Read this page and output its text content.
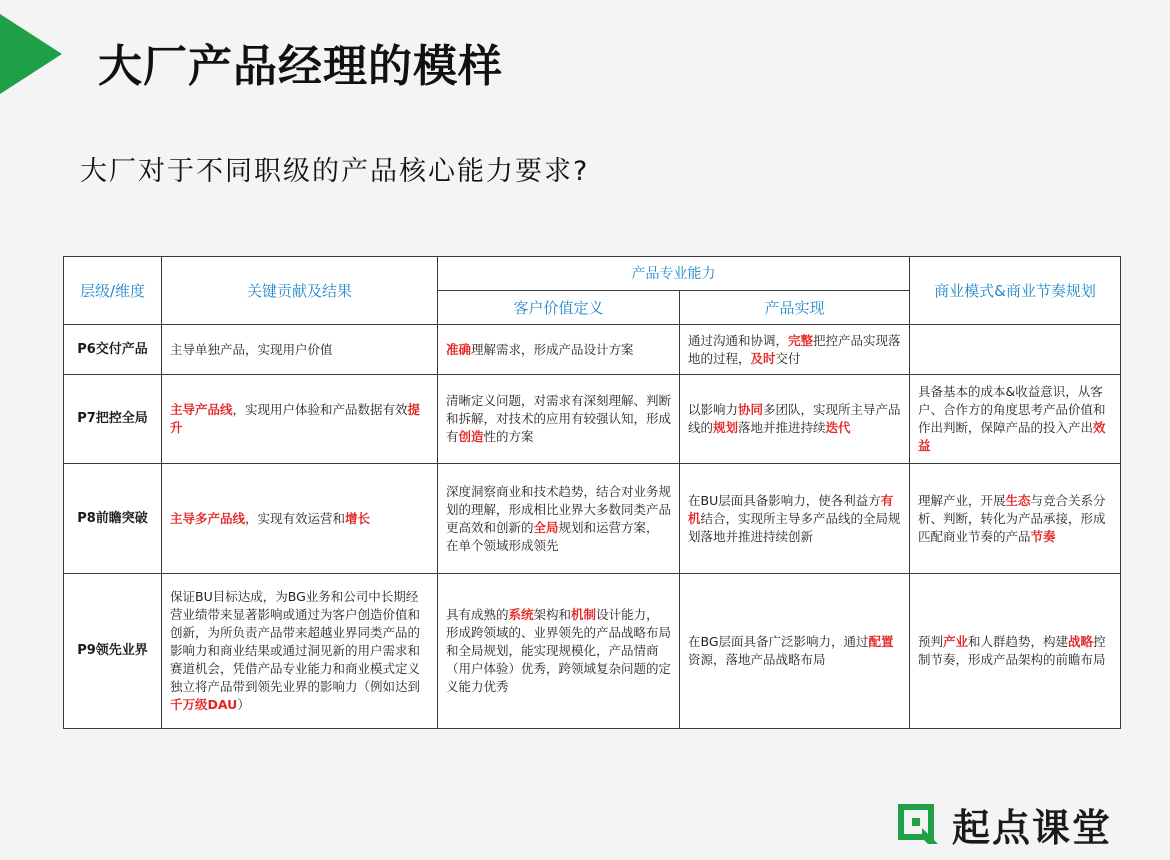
大厂产品经理的模样
大厂对于不同职级的产品核心能力要求?
层级/维度	关键贡献及结果	产品专业能力		商业模式&商业节奏规划
		客户价值定义	产品实现	
P6交付产品	主导单独产品，实现用户价值	准确理解需求，形成产品设计方案	通过沟通和协调，完整把控产品实现落地的过程，及时交付	
P7把控全局	主导产品线，实现用户体验和产品数据有效提升	清晰定义问题，对需求有深刻理解、判断和拆解，对技术的应用有较强认知，形成有创造性的方案	以影响力协同多团队，实现所主导产品线的规划落地并推进持续迭代	具备基本的成本&收益意识，从客户、合作方的角度思考产品价值和作出判断，保障产品的投入产出效益
P8前瞻突破	主导多产品线，实现有效运营和增长	深度洞察商业和技术趋势，结合对业务规划的理解，形成相比业界大多数同类产品更高效和创新的全局规划和运营方案，在单个领域形成领先	在BU层面具备影响力，使各利益方有机结合，实现所主导多产品线的全局规划落地并推进持续创新	理解产业，开展生态与竞合关系分析、判断，转化为产品承接，形成匹配商业节奏的产品节奏
P9领先业界	保证BU目标达成，为BG业务和公司中长期经营业绩带来显著影响或通过为客户创造价值和创新，为所负责产品带来超越业界同类产品的影响力和商业结果或通过洞见新的用户需求和赛道机会，凭借产品专业能力和商业模式定义独立将产品带到领先业界的影响力（例如达到千万级DAU）	具有成熟的系统架构和机制设计能力，形成跨领域的、业界领先的产品战略布局和全局规划，能实现规模化，产品情商（用户体验）优秀，跨领域复杂问题的定义能力优秀	在BG层面具备广泛影响力，通过配置资源，落地产品战略布局	预判产业和人群趋势，构建战略控制节奏，形成产品架构的前瞻布局
起点课堂
